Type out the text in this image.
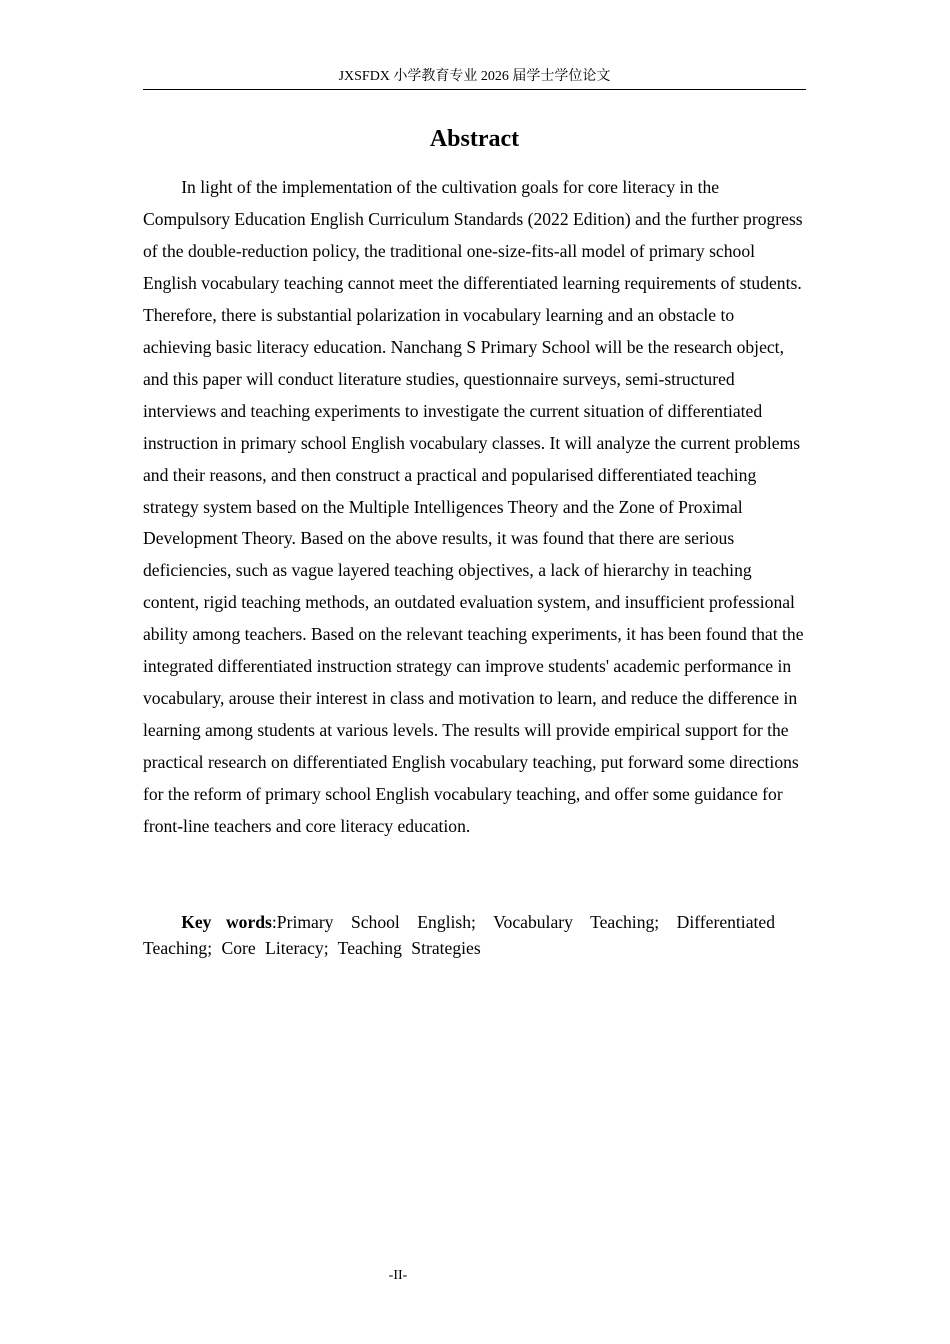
JXSFDX 小学教育专业 2026 届学士学位论文
Abstract

In light of the implementation of the cultivation goals for core literacy in the Compulsory Education English Curriculum Standards (2022 Edition) and the further progress of the double-reduction policy, the traditional one-size-fits-all model of primary school English vocabulary teaching cannot meet the differentiated learning requirements of students. Therefore, there is substantial polarization in vocabulary learning and an obstacle to achieving basic literacy education. Nanchang S Primary School will be the research object, and this paper will conduct literature studies, questionnaire surveys, semi-structured interviews and teaching experiments to investigate the current situation of differentiated instruction in primary school English vocabulary classes. It will analyze the current problems and their reasons, and then construct a practical and popularised differentiated teaching strategy system based on the Multiple Intelligences Theory and the Zone of Proximal Development Theory. Based on the above results, it was found that there are serious deficiencies, such as vague layered teaching objectives, a lack of hierarchy in teaching content, rigid teaching methods, an outdated evaluation system, and insufficient professional ability among teachers. Based on the relevant teaching experiments, it has been found that the integrated differentiated instruction strategy can improve students' academic performance in vocabulary, arouse their interest in class and motivation to learn, and reduce the difference in learning among students at various levels. The results will provide empirical support for the practical research on differentiated English vocabulary teaching, put forward some directions for the reform of primary school English vocabulary teaching, and offer some guidance for front-line teachers and core literacy education.

Key words:Primary School English; Vocabulary Teaching; Differentiated Teaching; Core Literacy; Teaching Strategies

-II-
